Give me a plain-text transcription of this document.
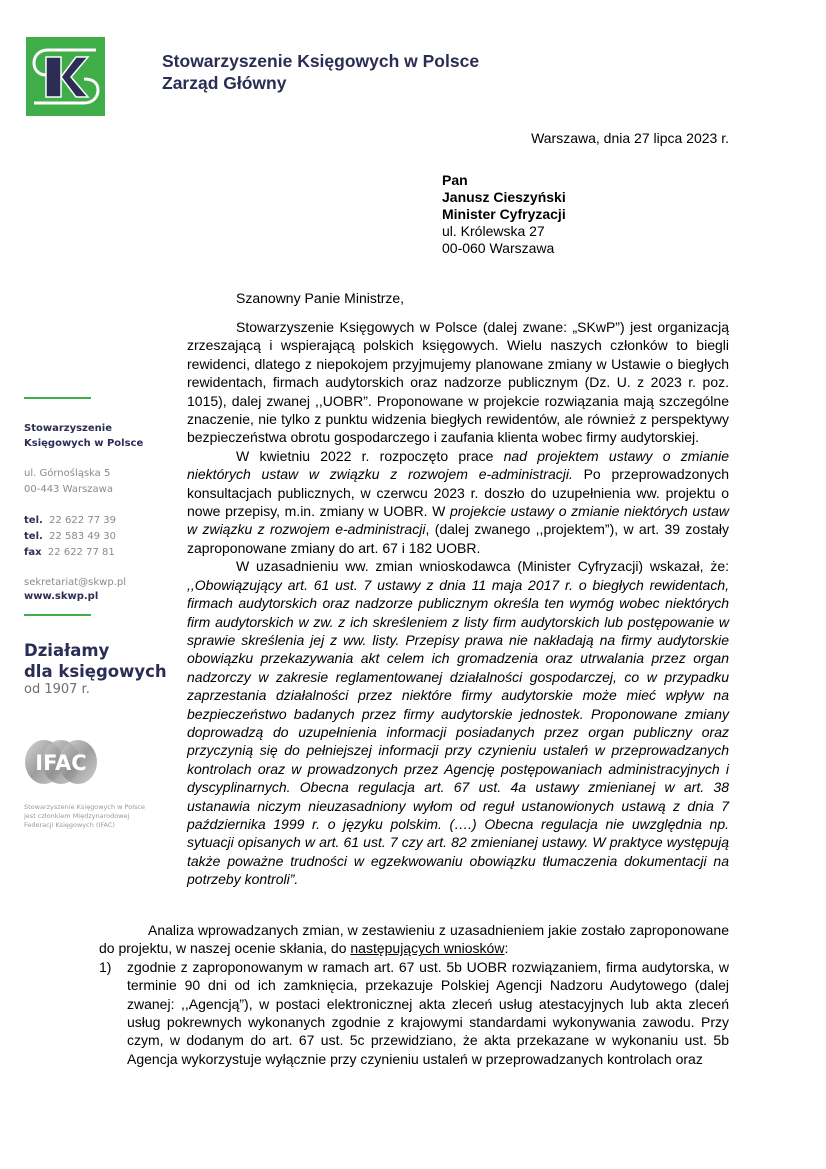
Stowarzyszenie Księgowych w Polsce
Zarząd Główny
Warszawa, dnia 27 lipca 2023 r.
Pan
Janusz Cieszyński
Minister Cyfryzacji
ul. Królewska 27
00-060 Warszawa
Szanowny Panie Ministrze,

Stowarzyszenie Księgowych w Polsce (dalej zwane: „SKwP”) jest organizacją zrzeszającą i wspierającą polskich księgowych. Wielu naszych członków to biegli rewidenci, dlatego z niepokojem przyjmujemy planowane zmiany w Ustawie o biegłych rewidentach, firmach audytorskich oraz nadzorze publicznym (Dz. U. z 2023 r. poz. 1015), dalej zwanej ,,UOBR”. Proponowane w projekcie rozwiązania mają szczególne znaczenie, nie tylko z punktu widzenia biegłych rewidentów, ale również z perspektywy bezpieczeństwa obrotu gospodarczego i zaufania klienta wobec firmy audytorskiej.

W kwietniu 2022 r. rozpoczęto prace nad projektem ustawy o zmianie niektórych ustaw w związku z rozwojem e-administracji. Po przeprowadzonych konsultacjach publicznych, w czerwcu 2023 r. doszło do uzupełnienia ww. projektu o nowe przepisy, m.in. zmiany w UOBR. W projekcie ustawy o zmianie niektórych ustaw w związku z rozwojem e-administracji, (dalej zwanego ,,projektem”), w art. 39 zostały zaproponowane zmiany do art. 67 i 182 UOBR.

W uzasadnieniu ww. zmian wnioskodawca (Minister Cyfryzacji) wskazał, że: ,,Obowiązujący art. 61 ust. 7 ustawy z dnia 11 maja 2017 r. o biegłych rewidentach, firmach audytorskich oraz nadzorze publicznym określa ten wymóg wobec niektórych firm audytorskich w zw. z ich skreśleniem z listy firm audytorskich lub postępowanie w sprawie skreślenia jej z ww. listy. Przepisy prawa nie nakładają na firmy audytorskie obowiązku przekazywania akt celem ich gromadzenia oraz utrwalania przez organ nadzorczy w zakresie reglamentowanej działalności gospodarczej, co w przypadku zaprzestania działalności przez niektóre firmy audytorskie może mieć wpływ na bezpieczeństwo badanych przez firmy audytorskie jednostek. Proponowane zmiany doprowadzą do uzupełnienia informacji posiadanych przez organ publiczny oraz przyczynią się do pełniejszej informacji przy czynieniu ustaleń w przeprowadzanych kontrolach oraz w prowadzonych przez Agencję postępowaniach administracyjnych i dyscyplinarnych. Obecna regulacja art. 67 ust. 4a ustawy zmienianej w art. 38 ustanawia niczym nieuzasadniony wyłom od reguł ustanowionych ustawą z dnia 7 października 1999 r. o języku polskim. (….) Obecna regulacja nie uwzględnia np. sytuacji opisanych w art. 61 ust. 7 czy art. 82 zmienianej ustawy. W praktyce występują także poważne trudności w egzekwowaniu obowiązku tłumaczenia dokumentacji na potrzeby kontroli”.

Analiza wprowadzanych zmian, w zestawieniu z uzasadnieniem jakie zostało zaproponowane do projektu, w naszej ocenie skłania, do następujących wniosków:

1)	zgodnie z zaproponowanym w ramach art. 67 ust. 5b UOBR rozwiązaniem, firma audytorska, w terminie 90 dni od ich zamknięcia, przekazuje Polskiej Agencji Nadzoru Audytowego (dalej zwanej: ,,Agencją”), w postaci elektronicznej akta zleceń usług atestacyjnych lub akta zleceń usług pokrewnych wykonanych zgodnie z krajowymi standardami wykonywania zawodu. Przy czym, w dodanym do art. 67 ust. 5c przewidziano, że akta przekazane w wykonaniu ust. 5b Agencja wykorzystuje wyłącznie przy czynieniu ustaleń w przeprowadzanych kontrolach oraz
Stowarzyszenie
Księgowych w Polsce
ul. Górnośląska 5
00-443 Warszawa
tel. 22 622 77 39
tel. 22 583 49 30
fax 22 622 77 81
sekretariat@skwp.pl
www.skwp.pl
Działamy
dla księgowych
od 1907 r.
IFAC
Stowarzyszenie Księgowych w Polsce
jest członkiem Międzynarodowej
Federacji Księgowych (IFAC)
